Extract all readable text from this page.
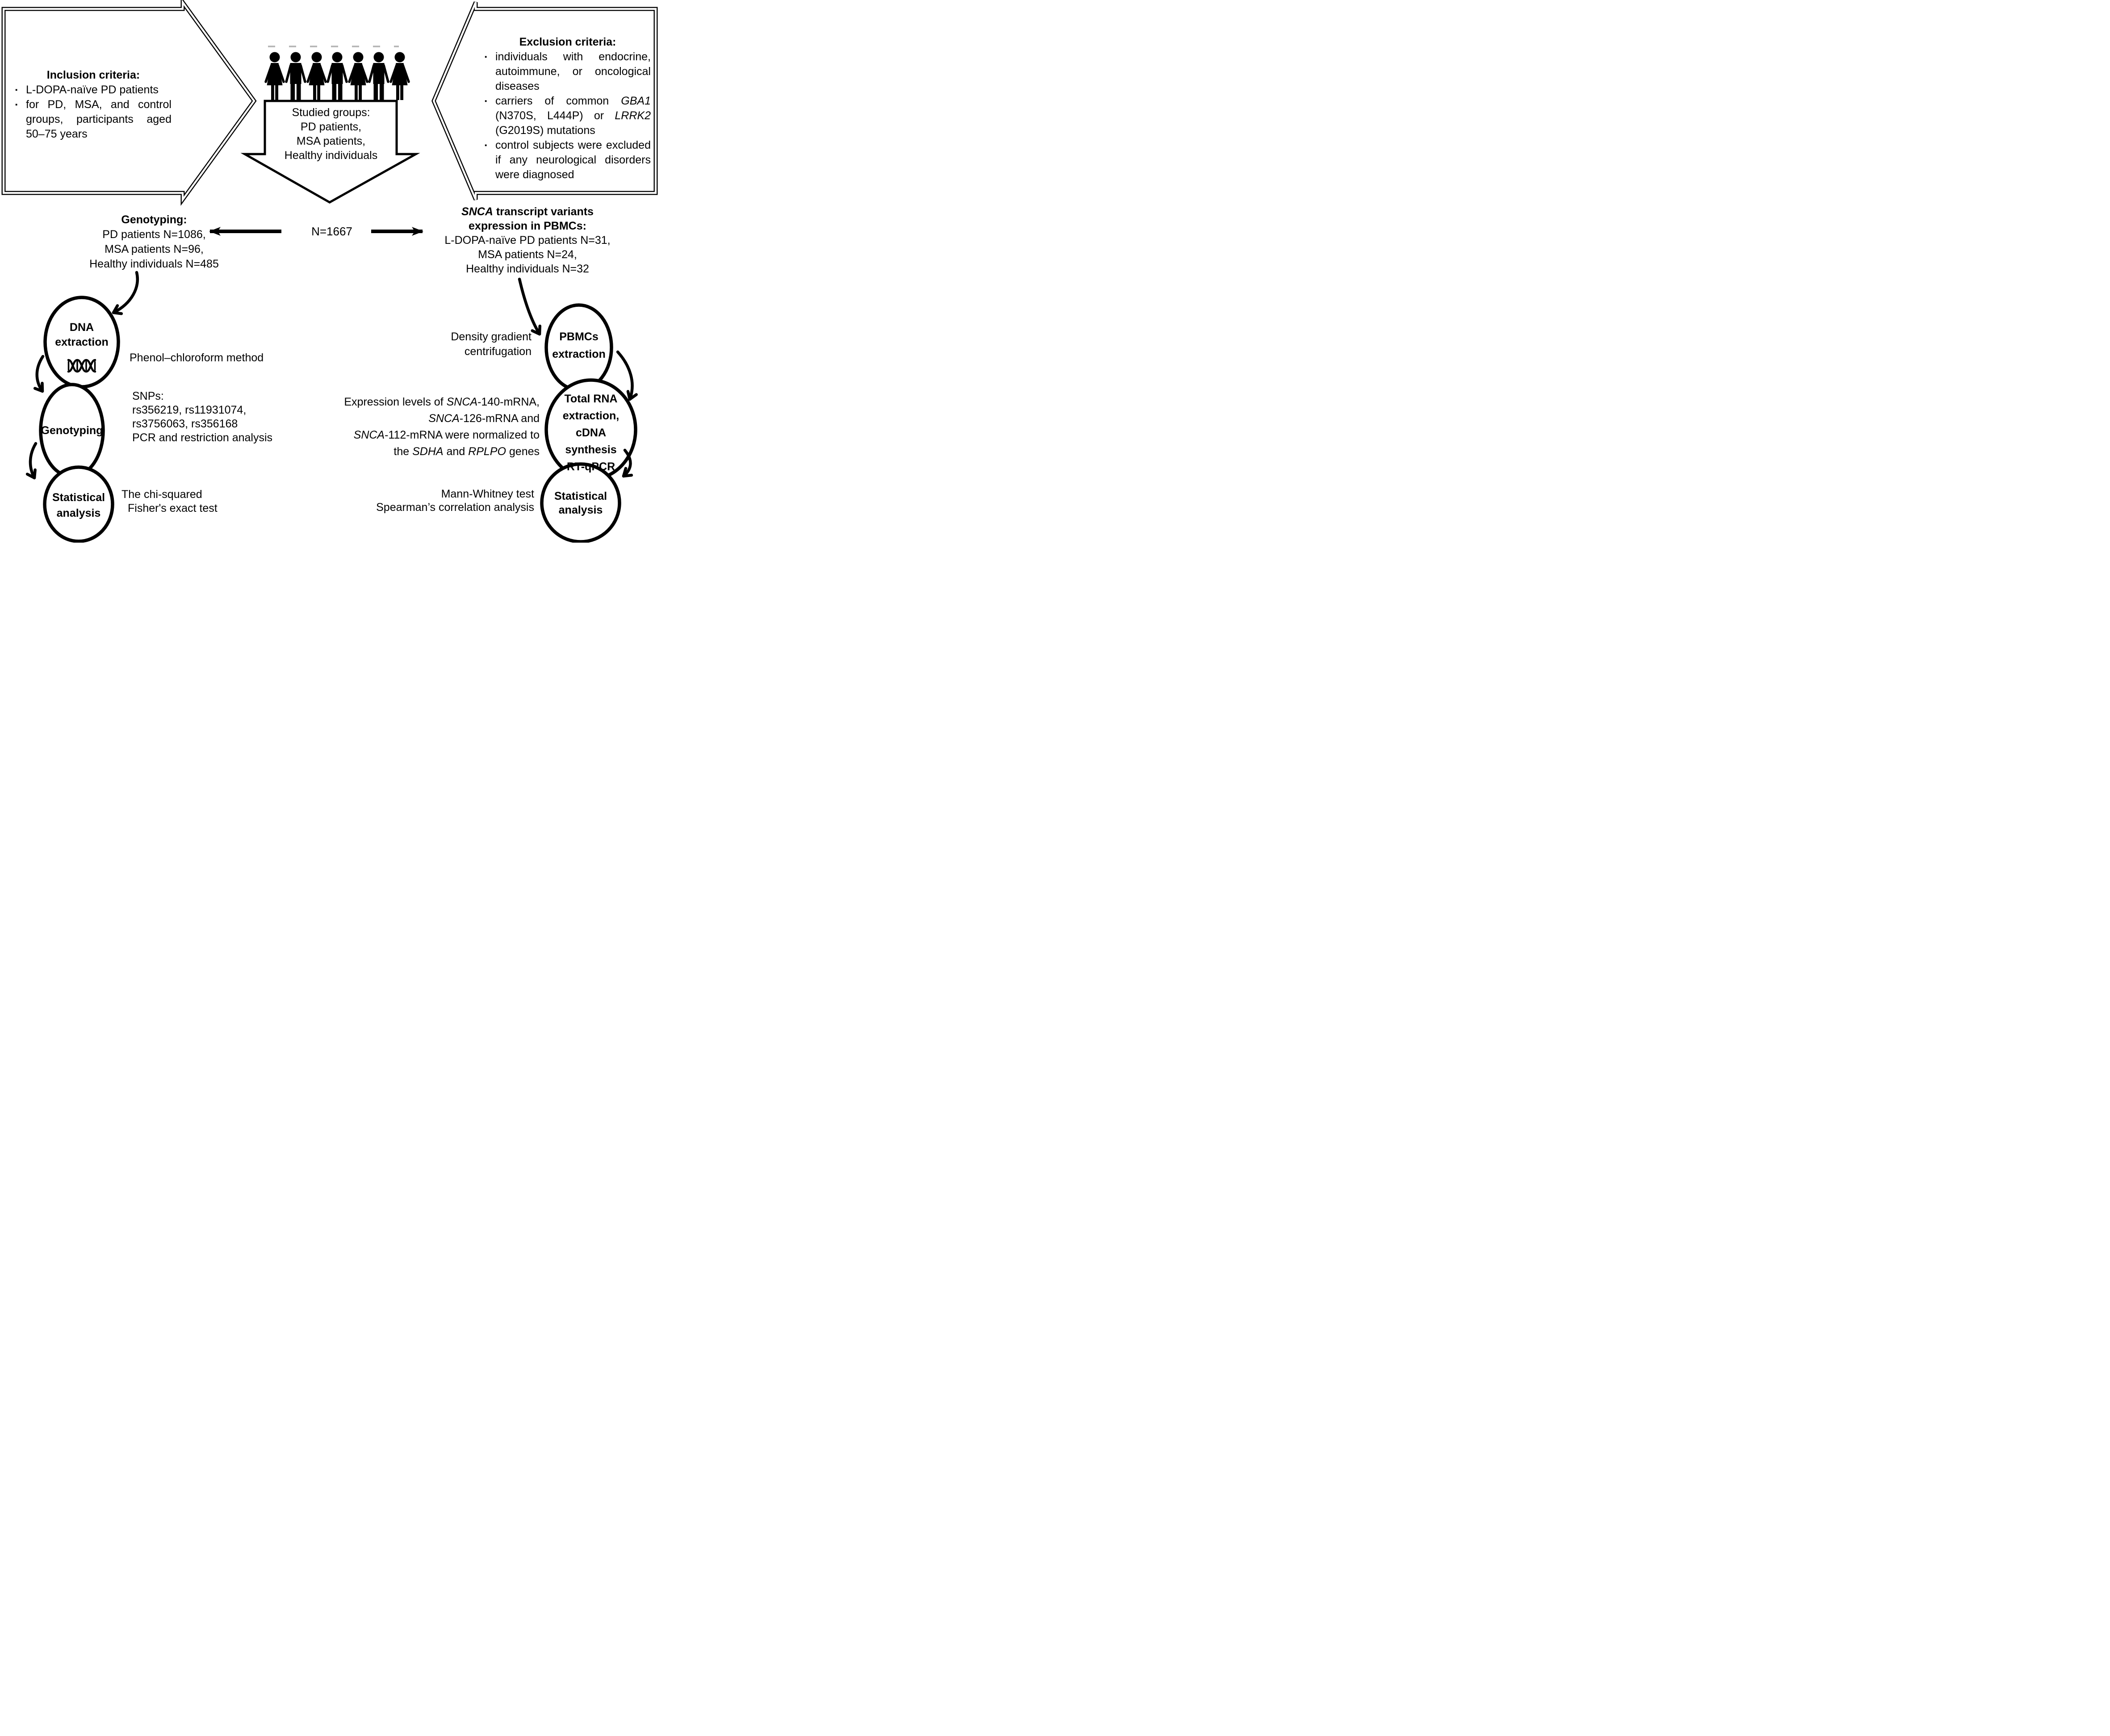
Inclusion criteria:
▪ L-DOPA-naïve PD patients
▪ for PD, MSA, and control groups, participants aged 50–75 years
Exclusion criteria:
▪ individuals with endocrine, autoimmune, or oncological diseases
▪ carriers of common GBA1 (N370S, L444P) or LRRK2 (G2019S) mutations
▪ control subjects were excluded if any neurological disorders were diagnosed
Studied groups:
PD patients,
MSA patients,
Healthy individuals
N=1667
Genotyping:
PD patients N=1086,
MSA patients N=96,
Healthy individuals N=485
SNCA transcript variants
expression in PBMCs:
L-DOPA-naïve PD patients N=31,
MSA patients N=24,
Healthy individuals N=32
DNA
extraction
Genotyping
Statistical
analysis
Phenol–chloroform method
SNPs:
rs356219, rs11931074,
rs3756063, rs356168
PCR and restriction analysis
The chi-squared
Fisher's exact test
PBMCs
extraction
Total RNA
extraction,
cDNA
synthesis
RT-qPCR
Statistical
analysis
Density gradient
centrifugation
Expression levels of SNCA-140-mRNA,
SNCA-126-mRNA and
SNCA-112-mRNA were normalized to
the SDHA and RPLPO genes
Mann-Whitney test
Spearman’s correlation analysis
